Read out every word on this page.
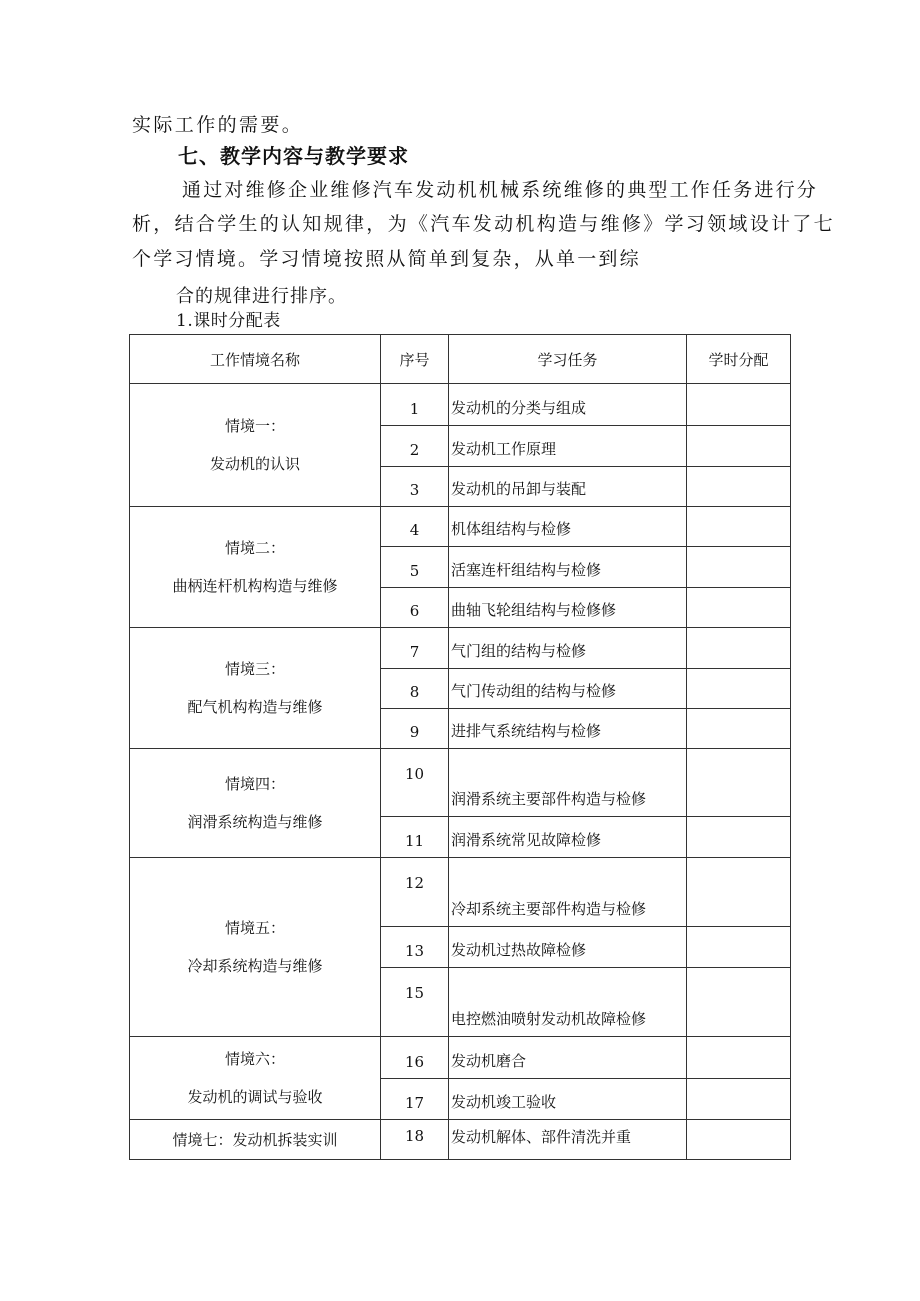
实际工作的需要。
七、教学内容与教学要求
通过对维修企业维修汽车发动机机械系统维修的典型工作任务进行分
析，结合学生的认知规律，为《汽车发动机构造与维修》学习领域设计了七
个学习情境。学习情境按照从简单到复杂，从单一到综
合的规律进行排序。
1.课时分配表
工作情境名称	序号	学习任务	学时分配

情境一：
发动机的认识	1	发动机的分类与组成	
	2	发动机工作原理	
	3	发动机的吊卸与装配	

情境二：
曲柄连杆机构构造与维修	4	机体组结构与检修	
	5	活塞连杆组结构与检修	
	6	曲轴飞轮组结构与检修修	

情境三：
配气机构构造与维修	7	气门组的结构与检修	
	8	气门传动组的结构与检修	
	9	进排气系统结构与检修	

情境四：
润滑系统构造与维修	10	润滑系统主要部件构造与检修	
	11	润滑系统常见故障检修	

情境五：
冷却系统构造与维修	12	冷却系统主要部件构造与检修	
	13	发动机过热故障检修	
	15	电控燃油喷射发动机故障检修	

情境六：
发动机的调试与验收	16	发动机磨合	
	17	发动机竣工验收	

情境七：发动机拆装实训	18	发动机解体、部件清洗并重	
